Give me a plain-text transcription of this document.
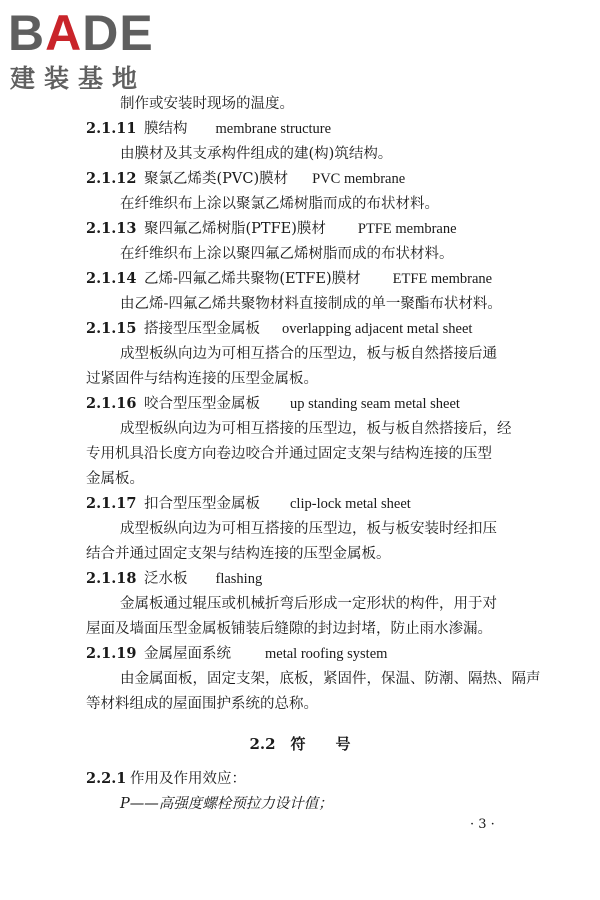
BADE
建装基地
制作或安装时现场的温度。
2.1.11 膜结构 membrane structure
由膜材及其支承构件组成的建(构)筑结构。
2.1.12 聚氯乙烯类(PVC)膜材 PVC membrane
在纤维织布上涂以聚氯乙烯树脂而成的布状材料。
2.1.13 聚四氟乙烯树脂(PTFE)膜材 PTFE membrane
在纤维织布上涂以聚四氟乙烯树脂而成的布状材料。
2.1.14 乙烯-四氟乙烯共聚物(ETFE)膜材 ETFE membrane
由乙烯-四氟乙烯共聚物材料直接制成的单一聚酯布状材料。
2.1.15 搭接型压型金属板 overlapping adjacent metal sheet
成型板纵向边为可相互搭合的压型边，板与板自然搭接后通
过紧固件与结构连接的压型金属板。
2.1.16 咬合型压型金属板 up standing seam metal sheet
成型板纵向边为可相互搭接的压型边，板与板自然搭接后，经
专用机具沿长度方向卷边咬合并通过固定支架与结构连接的压型
金属板。
2.1.17 扣合型压型金属板 clip-lock metal sheet
成型板纵向边为可相互搭接的压型边，板与板安装时经扣压
结合并通过固定支架与结构连接的压型金属板。
2.1.18 泛水板 flashing
金属板通过辊压或机械折弯后形成一定形状的构件，用于对
屋面及墙面压型金属板铺装后缝隙的封边封堵，防止雨水渗漏。
2.1.19 金属屋面系统 metal roofing system
由金属面板，固定支架，底板，紧固件，保温、防潮、隔热、隔声
等材料组成的屋面围护系统的总称。
2.2　符　　号
2.2.1 作用及作用效应：
P——高强度螺栓预拉力设计值；
· 3 ·
